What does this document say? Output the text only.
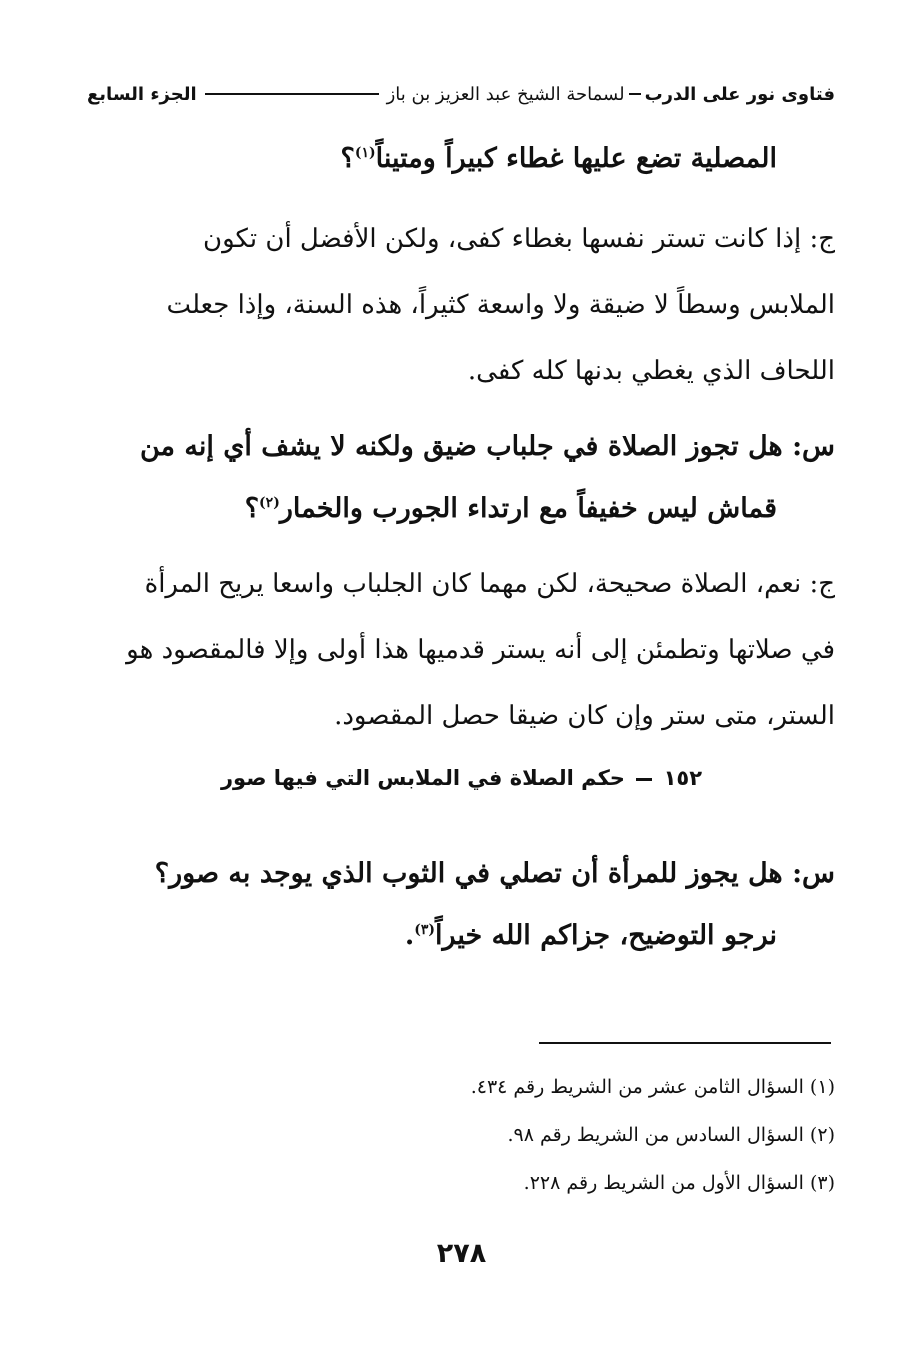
فتاوى نور على الدرب
لسماحة الشيخ عبد العزيز بن باز
الجزء السابع
المصلية تضع عليها غطاء كبيراً ومتيناً$^{(١)}$؟
ج: إذا كانت تستر نفسها بغطاء كفى، ولكن الأفضل أن تكون
الملابس وسطاً لا ضيقة ولا واسعة كثيراً، هذه السنة، وإذا جعلت
اللحاف الذي يغطي بدنها كله كفى.
س: هل تجوز الصلاة في جلباب ضيق ولكنه لا يشف أي إنه من
قماش ليس خفيفاً مع ارتداء الجورب والخمار$^{(٢)}$؟
ج: نعم، الصلاة صحيحة، لكن مهما كان الجلباب واسعا يريح المرأة
في صلاتها وتطمئن إلى أنه يستر قدميها هذا أولى وإلا فالمقصود هو
الستر، متى ستر وإن كان ضيقا حصل المقصود.
١٥٢  حكم الصلاة في الملابس التي فيها صور
س: هل يجوز للمرأة أن تصلي في الثوب الذي يوجد به صور؟
نرجو التوضيح، جزاكم الله خيراً$^{(٣)}$.
(١) السؤال الثامن عشر من الشريط رقم ٤٣٤.
(٢) السؤال السادس من الشريط رقم ٩٨.
(٣) السؤال الأول من الشريط رقم ٢٢٨.
٢٧٨
